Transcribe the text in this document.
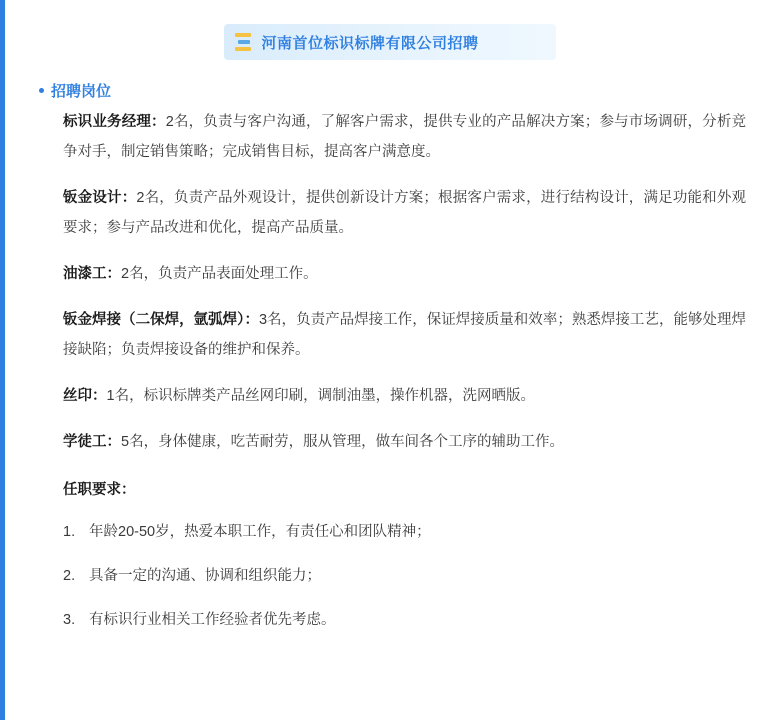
河南首位标识标牌有限公司招聘
招聘岗位

标识业务经理：2名，负责与客户沟通，了解客户需求，提供专业的产品解决方案；参与市场调研，分析竞争对手，制定销售策略；完成销售目标，提高客户满意度。

钣金设计：2名，负责产品外观设计，提供创新设计方案；根据客户需求，进行结构设计，满足功能和外观要求；参与产品改进和优化，提高产品质量。

油漆工：2名，负责产品表面处理工作。

钣金焊接（二保焊，氩弧焊）：3名，负责产品焊接工作，保证焊接质量和效率；熟悉焊接工艺，能够处理焊接缺陷；负责焊接设备的维护和保养。

丝印：1名，标识标牌类产品丝网印刷，调制油墨，操作机器，洗网晒版。

学徒工：5名，身体健康，吃苦耐劳，服从管理，做车间各个工序的辅助工作。

任职要求：
1. 年龄20-50岁，热爱本职工作，有责任心和团队精神；
2. 具备一定的沟通、协调和组织能力；
3. 有标识行业相关工作经验者优先考虑。
